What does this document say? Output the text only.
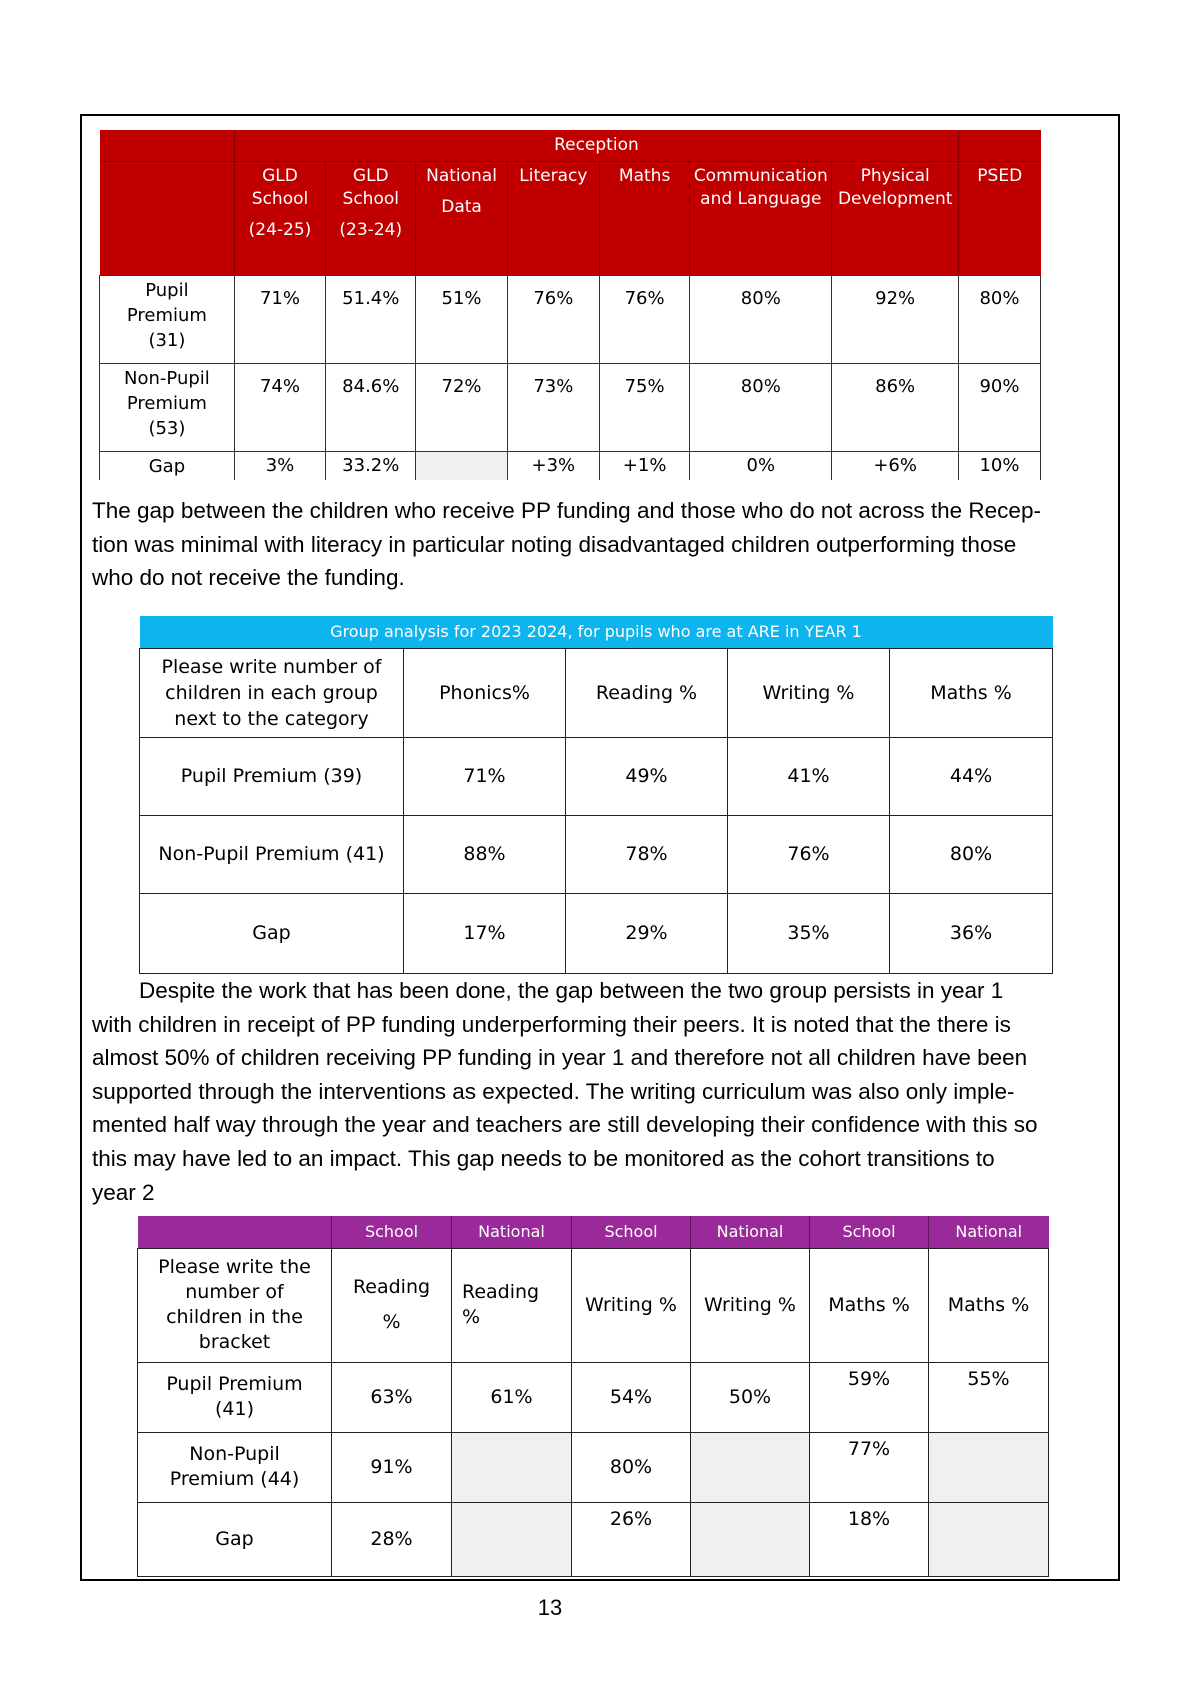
	Reception							
	GLD
School
(24-25)	GLD
School
(23-24)	National
Data	Literacy	Maths	Communication
and Language	Physical
Development	PSED
Pupil
Premium
(31)	71%	51.4%	51%	76%	76%	80%	92%	80%
Non-Pupil
Premium
(53)	74%	84.6%	72%	73%	75%	80%	86%	90%
Gap	3%	33.2%		+3%	+1%	0%	+6%	10%
The gap between the children who receive PP funding and those who do not across the Recep-
tion was minimal with literacy in particular noting disadvantaged children outperforming those
who do not receive the funding.
Group analysis for 2023 2024, for pupils who are at ARE in YEAR 1				
Please write number of
children in each group
next to the category	Phonics%	Reading %	Writing %	Maths %
Pupil Premium (39)	71%	49%	41%	44%
Non-Pupil Premium (41)	88%	78%	76%	80%
Gap	17%	29%	35%	36%
Despite the work that has been done, the gap between the two group persists in year 1
with children in receipt of PP funding underperforming their peers. It is noted that the there is
almost 50% of children receiving PP funding in year 1 and therefore not all children have been
supported through the interventions as expected. The writing curriculum was also only imple-
mented half way through the year and teachers are still developing their confidence with this so
this may have led to an impact. This gap needs to be monitored as the cohort transitions to
year 2
	School	National	School	National	School	National
Please write the
number of
children in the
bracket	Reading
%	Reading
%	Writing %	Writing %	Maths %	Maths %
Pupil Premium
(41)	63%	61%	54%	50%	59%	55%
Non-Pupil
Premium (44)	91%		80%		77%	
Gap	28%		26%		18%	
13
